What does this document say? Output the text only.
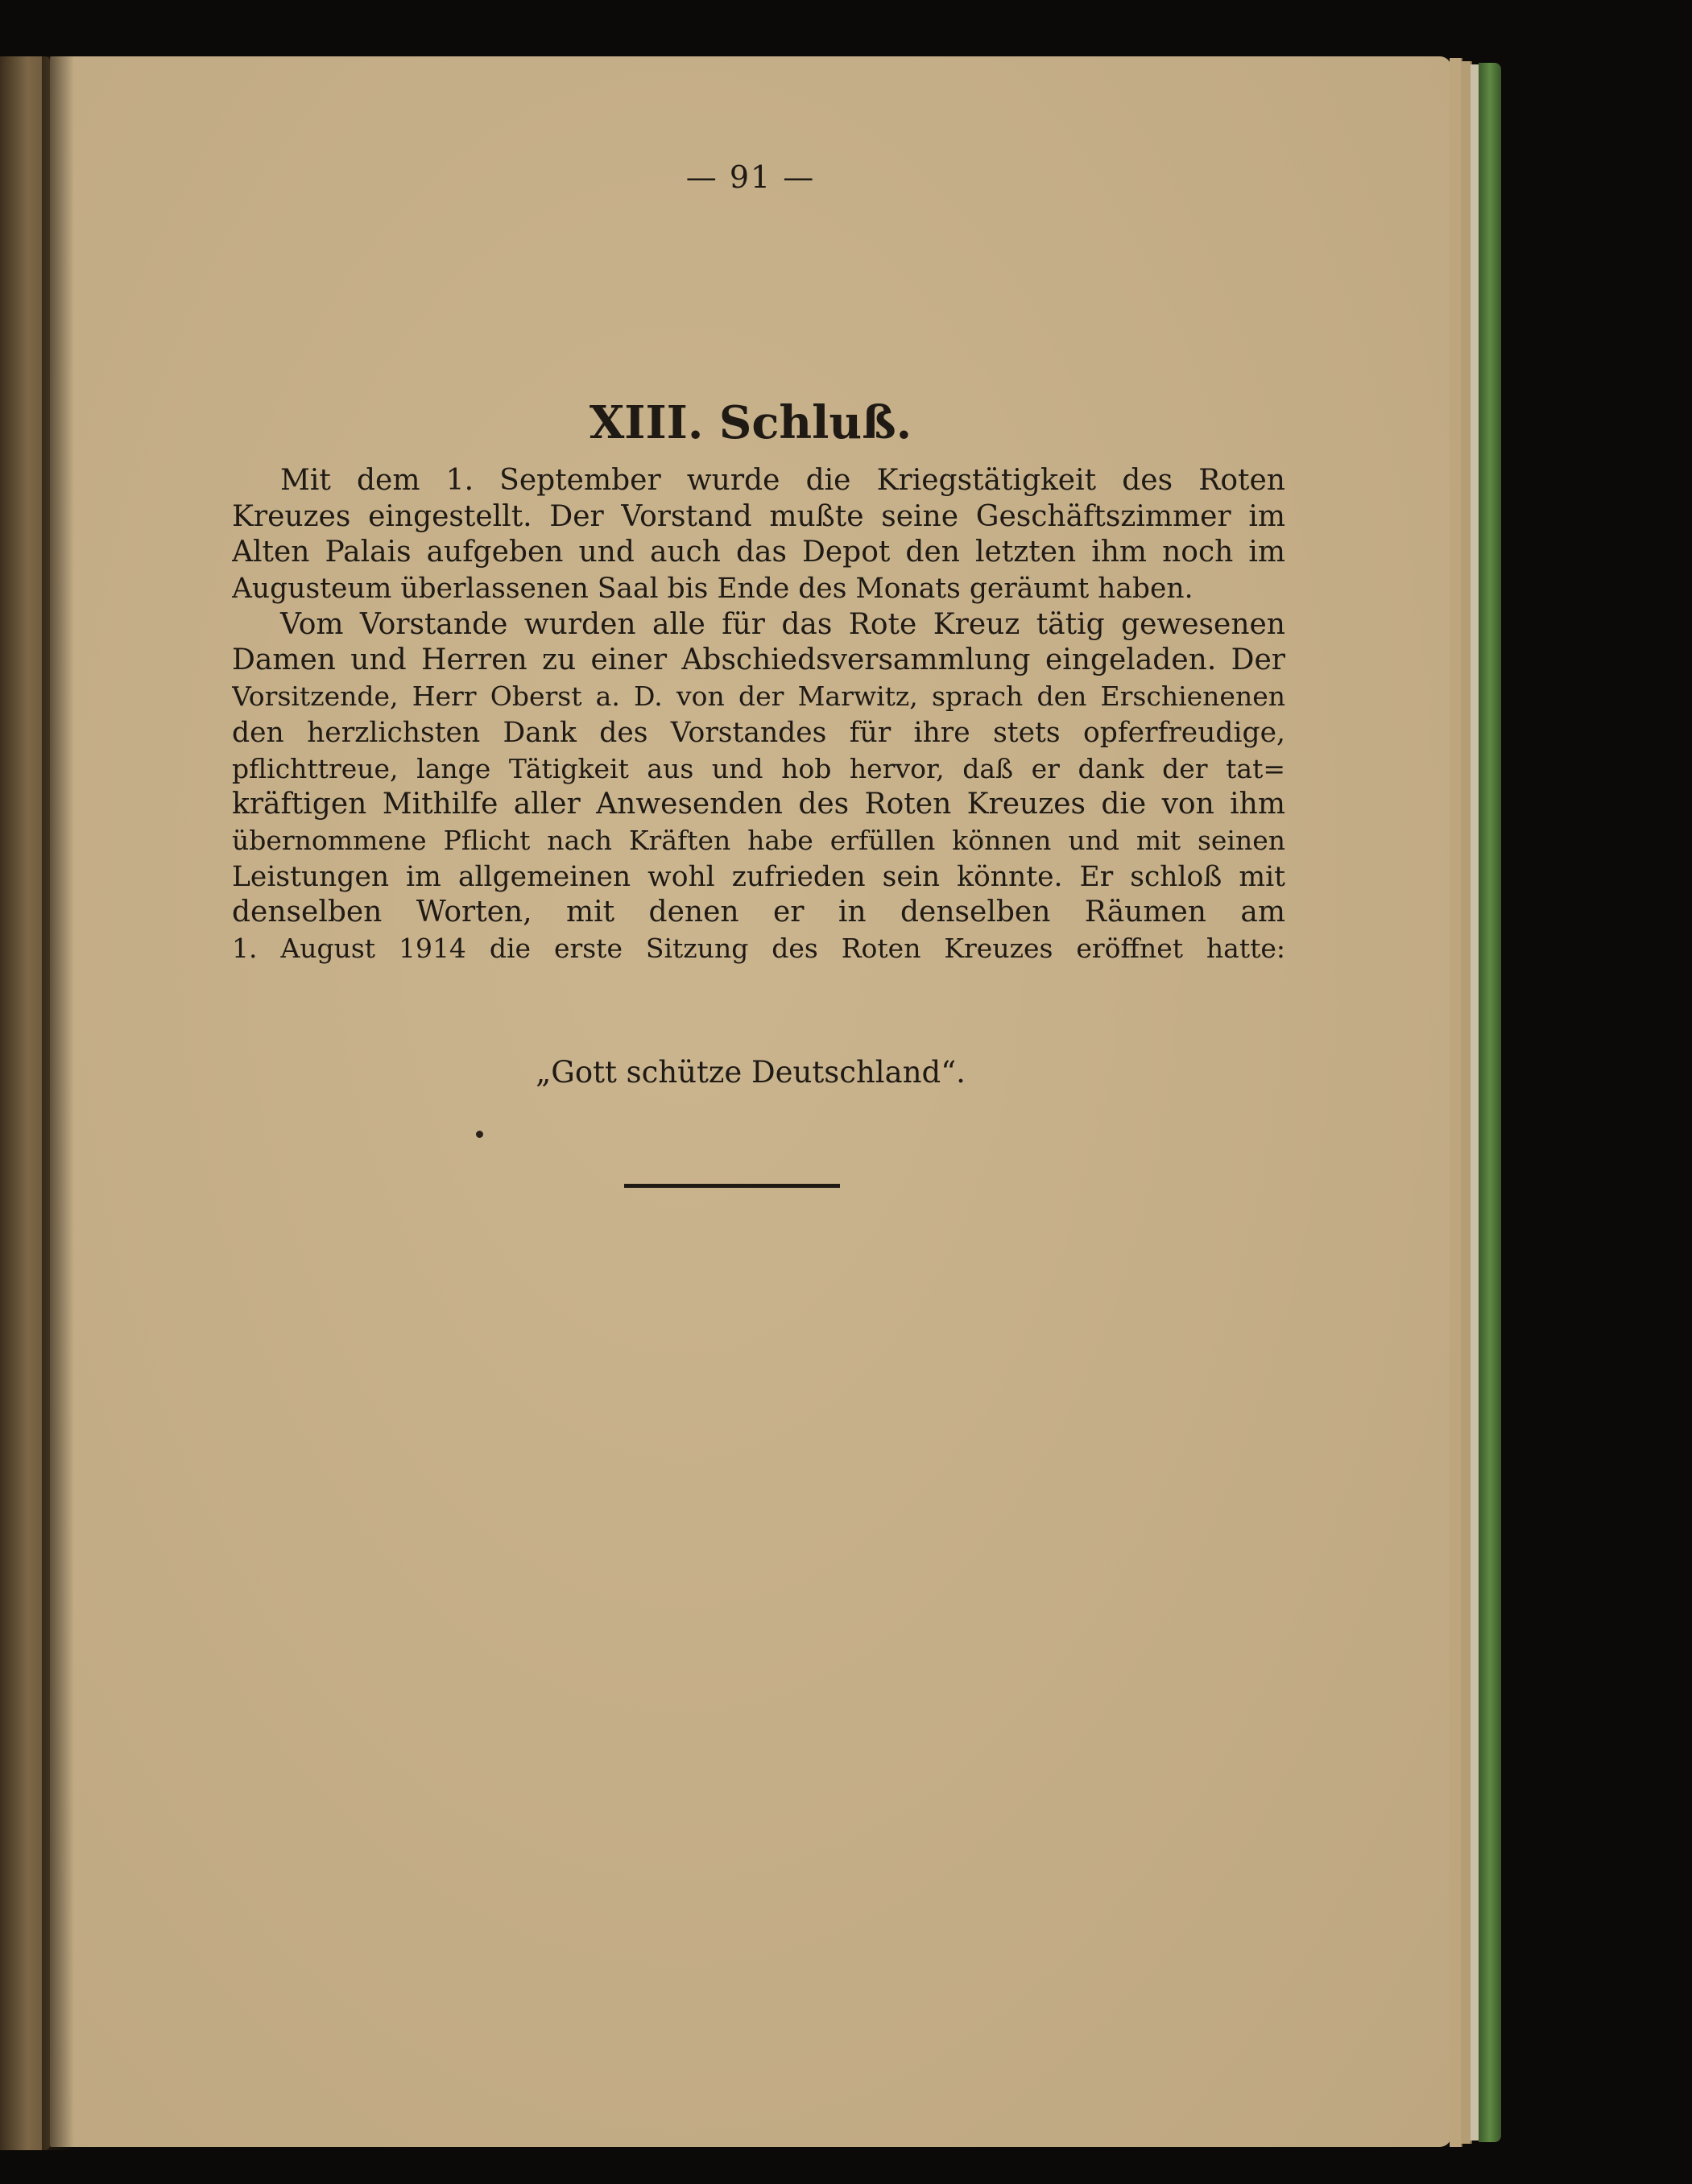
— 91 —

XIII. Schluß.
Mit dem 1. September wurde die Kriegstätigkeit des Roten
Kreuzes eingestellt. Der Vorstand mußte seine Geschäftszimmer im
Alten Palais aufgeben und auch das Depot den letzten ihm noch im
Augusteum überlassenen Saal bis Ende des Monats geräumt haben.
Vom Vorstande wurden alle für das Rote Kreuz tätig gewesenen
Damen und Herren zu einer Abschiedsversammlung eingeladen. Der
Vorsitzende, Herr Oberst a. D. von der Marwitz, sprach den Erschienenen
den herzlichsten Dank des Vorstandes für ihre stets opferfreudige,
pflichttreue, lange Tätigkeit aus und hob hervor, daß er dank der tat=
kräftigen Mithilfe aller Anwesenden des Roten Kreuzes die von ihm
übernommene Pflicht nach Kräften habe erfüllen können und mit seinen
Leistungen im allgemeinen wohl zufrieden sein könnte. Er schloß mit
denselben Worten, mit denen er in denselben Räumen am
1. August 1914 die erste Sitzung des Roten Kreuzes eröffnet hatte:

„Gott schütze Deutschland“.
